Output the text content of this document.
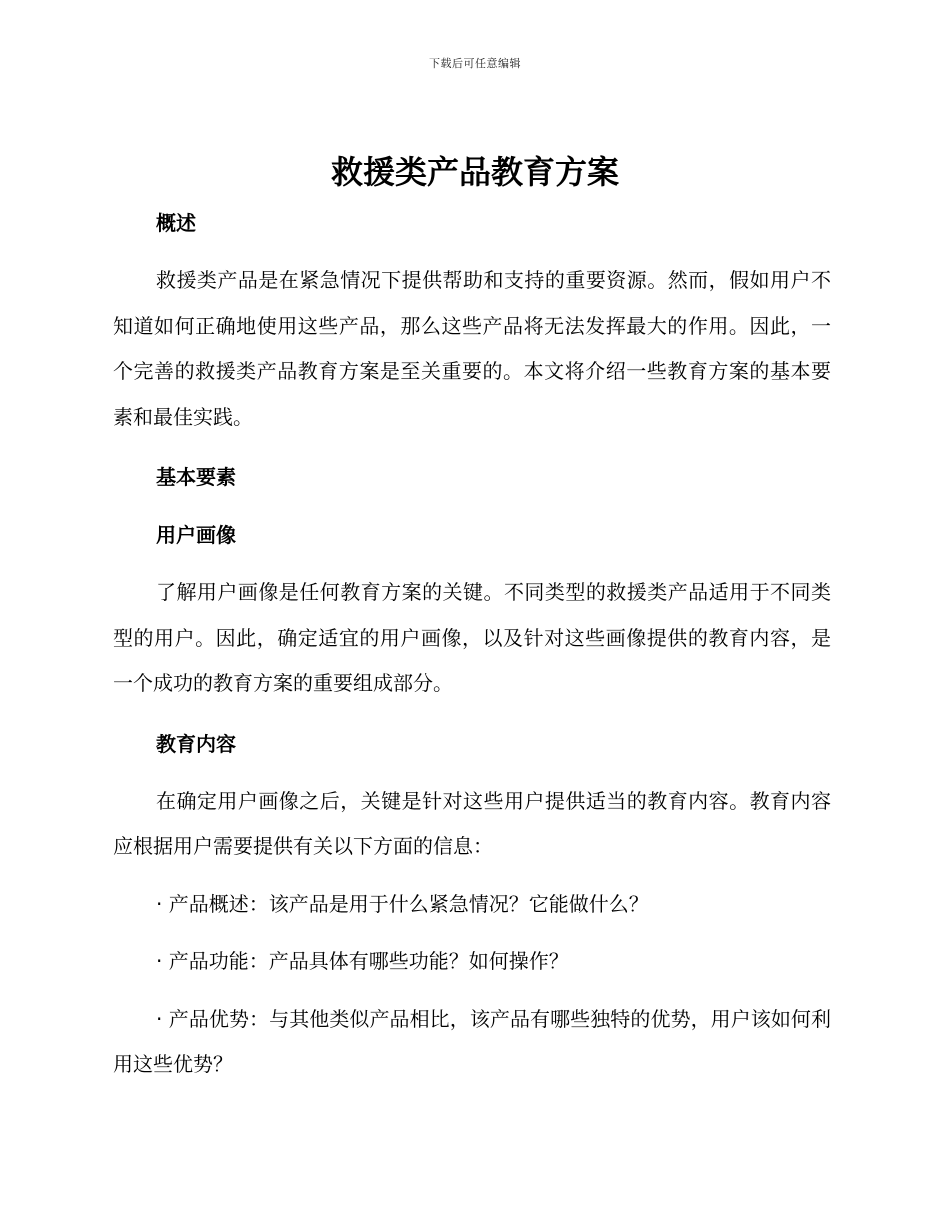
下载后可任意编辑
救援类产品教育方案

概述

救援类产品是在紧急情况下提供帮助和支持的重要资源。然而，假如用户不知道如何正确地使用这些产品，那么这些产品将无法发挥最大的作用。因此，一个完善的救援类产品教育方案是至关重要的。本文将介绍一些教育方案的基本要素和最佳实践。

基本要素

用户画像

了解用户画像是任何教育方案的关键。不同类型的救援类产品适用于不同类型的用户。因此，确定适宜的用户画像，以及针对这些画像提供的教育内容，是一个成功的教育方案的重要组成部分。

教育内容

在确定用户画像之后，关键是针对这些用户提供适当的教育内容。教育内容应根据用户需要提供有关以下方面的信息：

· 产品概述：该产品是用于什么紧急情况？它能做什么？

· 产品功能：产品具体有哪些功能？如何操作？

· 产品优势：与其他类似产品相比，该产品有哪些独特的优势，用户该如何利用这些优势？
